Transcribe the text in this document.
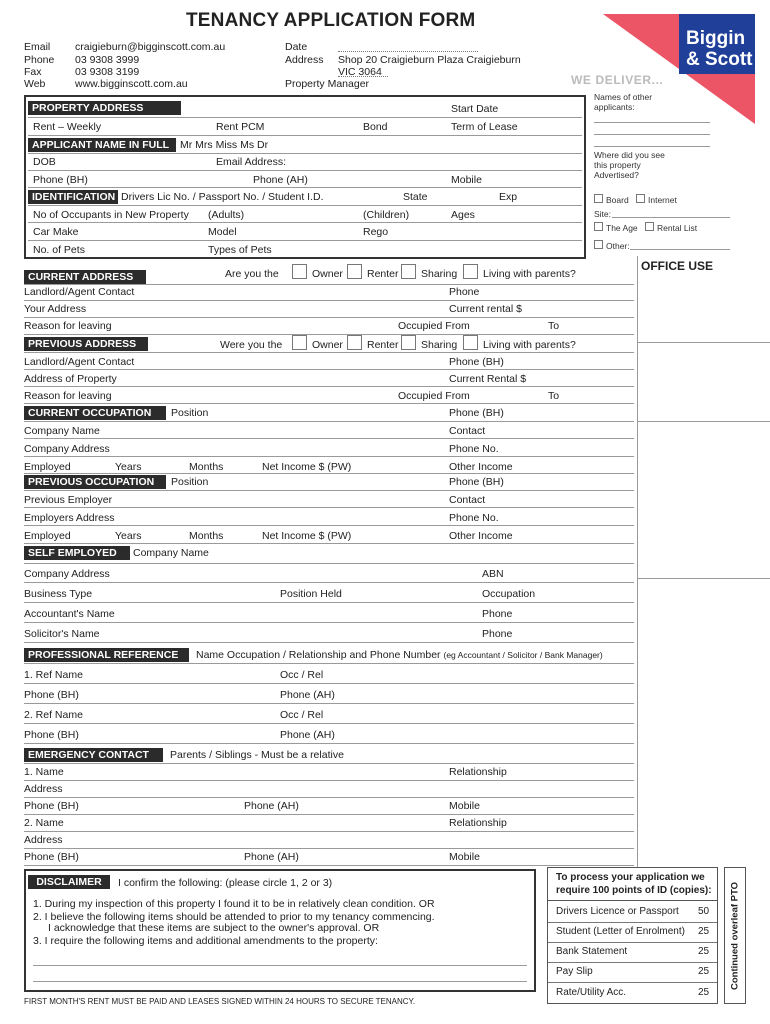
TENANCY APPLICATION FORM
Email craigieburn@bigginscott.com.au
Phone 03 9308 3999
Fax	03 9308 3199
Web	www.bigginscott.com.au
Date
Address Shop 20 Craigieburn Plaza Craigieburn
VIC 3064
Property Manager
Biggin
& Scott
WE DELIVER...
Names of other applicants:
Where did you see this property Advertised?
Board Internet
Site:
The Age Rental List
Other:
OFFICE USE
PROPERTY ADDRESS	Start Date
Rent – Weekly	Rent PCM	Bond	Term of Lease
APPLICANT NAME IN FULL	Mr Mrs Miss Ms Dr
DOB	Email Address:
Phone (BH)	Phone (AH)	Mobile
IDENTIFICATION Drivers Lic No. / Passport No. / Student I.D.	State	Exp
No of Occupants in New Property (Adults)	(Children)	Ages
Car Make	Model	Rego
No. of Pets	Types of Pets
CURRENT ADDRESS	Are you the	Owner Renter Sharing Living with parents?
Landlord/Agent Contact	Phone
Your Address	Current rental $
Reason for leaving	Occupied From	To
PREVIOUS ADDRESS	Were you the	Owner Renter Sharing Living with parents?
Landlord/Agent Contact	Phone (BH)
Address of Property	Current Rental $
Reason for leaving	Occupied From	To
CURRENT OCCUPATION	Position	Phone (BH)
Company Name	Contact
Company Address	Phone No.
Employed	Years	Months	Net Income $ (PW)	Other Income
PREVIOUS OCCUPATION	Position	Phone (BH)
Previous Employer	Contact
Employers Address	Phone No.
Employed	Years	Months	Net Income $ (PW)	Other Income
SELF EMPLOYED	Company Name
Company Address	ABN
Business Type	Position Held	Occupation
Accountant's Name	Phone
Solicitor's Name	Phone
PROFESSIONAL REFERENCE	Name Occupation / Relationship and Phone Number (eg Accountant / Solicitor / Bank Manager)
1. Ref Name	Occ / Rel
Phone (BH)	Phone (AH)
2. Ref Name	Occ / Rel
Phone (BH)	Phone (AH)
EMERGENCY CONTACT	Parents / Siblings - Must be a relative
1. Name	Relationship
Address
Phone (BH)	Phone (AH)	Mobile
2. Name	Relationship
Address
Phone (BH)	Phone (AH)	Mobile
DISCLAIMER	I confirm the following: (please circle 1, 2 or 3)
1. During my inspection of this property I found it to be in relatively clean condition. OR
2. I believe the following items should be attended to prior to my tenancy commencing.
I acknowledge that these items are subject to the owner's approval. OR
3. I require the following items and additional amendments to the property:
FIRST MONTH'S RENT MUST BE PAID AND LEASES SIGNED WITHIN 24 HOURS TO SECURE TENANCY.
To process your application we
require 100 points of ID (copies):
Drivers Licence or Passport 50
Student (Letter of Enrolment) 25
Bank Statement	25
Pay Slip	25
Rate/Utility Acc.	25
Continued overleaf PTO
